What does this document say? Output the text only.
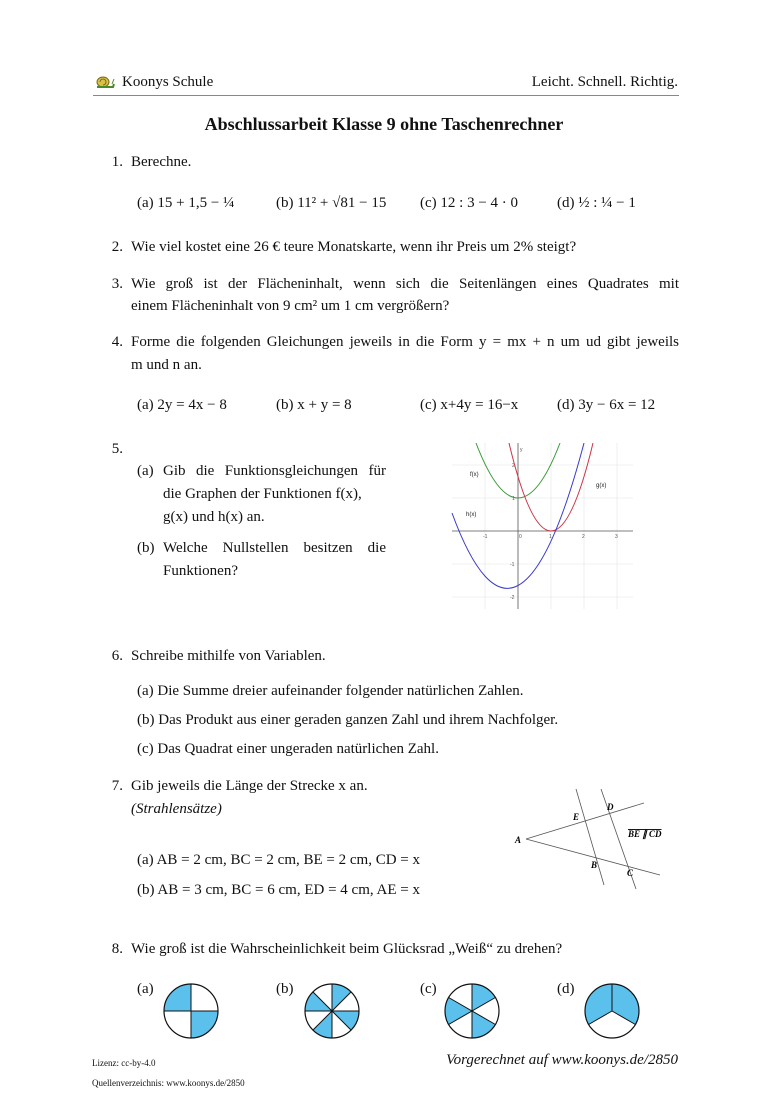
Koonys Schule	Leicht. Schnell. Richtig.
Abschlussarbeit Klasse 9 ohne Taschenrechner
1. Berechne.
(a) 15 + 1,5 − ¼	(b) 11² + √81 − 15 (c) 12 : 3 − 4 · 0	(d) ½ : ¼ − 1
2. Wie viel kostet eine 26 € teure Monatskarte, wenn ihr Preis um 2% steigt?
3. Wie groß ist der Flächeninhalt, wenn sich die Seitenlängen eines Quadrates mit
einem Flächeninhalt von 9 cm² um 1 cm vergrößern?
4. Forme die folgenden Gleichungen jeweils in die Form y = mx + n um ud gibt jeweils
m und n an.
(a) 2y = 4x − 8	(b) x + y = 8	(c) x+4y = 16−x	(d) 3y − 6x = 12
5.
(a) Gib die Funktionsgleichungen für
die Graphen der Funktionen f(x),
g(x) und h(x) an.
(b) Welche Nullstellen besitzen die
Funktionen?
y
-1	0	1	2	3
2
1
-1
-2
f(x)
g(x)
h(x)
6. Schreibe mithilfe von Variablen.
(a) Die Summe dreier aufeinander folgender natürlichen Zahlen.
(b) Das Produkt aus einer geraden ganzen Zahl und ihrem Nachfolger.
(c) Das Quadrat einer ungeraden natürlichen Zahl.
7. Gib jeweils die Länge der Strecke x an.
(Strahlensätze)
(a) AB = 2 cm, BC = 2 cm, BE = 2 cm, CD = x
(b) AB = 3 cm, BC = 6 cm, ED = 4 cm, AE = x
A
B
C
D
E
BE ∥ CD
8. Wie groß ist die Wahrscheinlichkeit beim Glücksrad „Weiß“ zu drehen?
(a)	(b)	(c)	(d)
Lizenz: cc-by-4.0
Quellenverzeichnis: www.koonys.de/2850
Vorgerechnet auf www.koonys.de/2850
